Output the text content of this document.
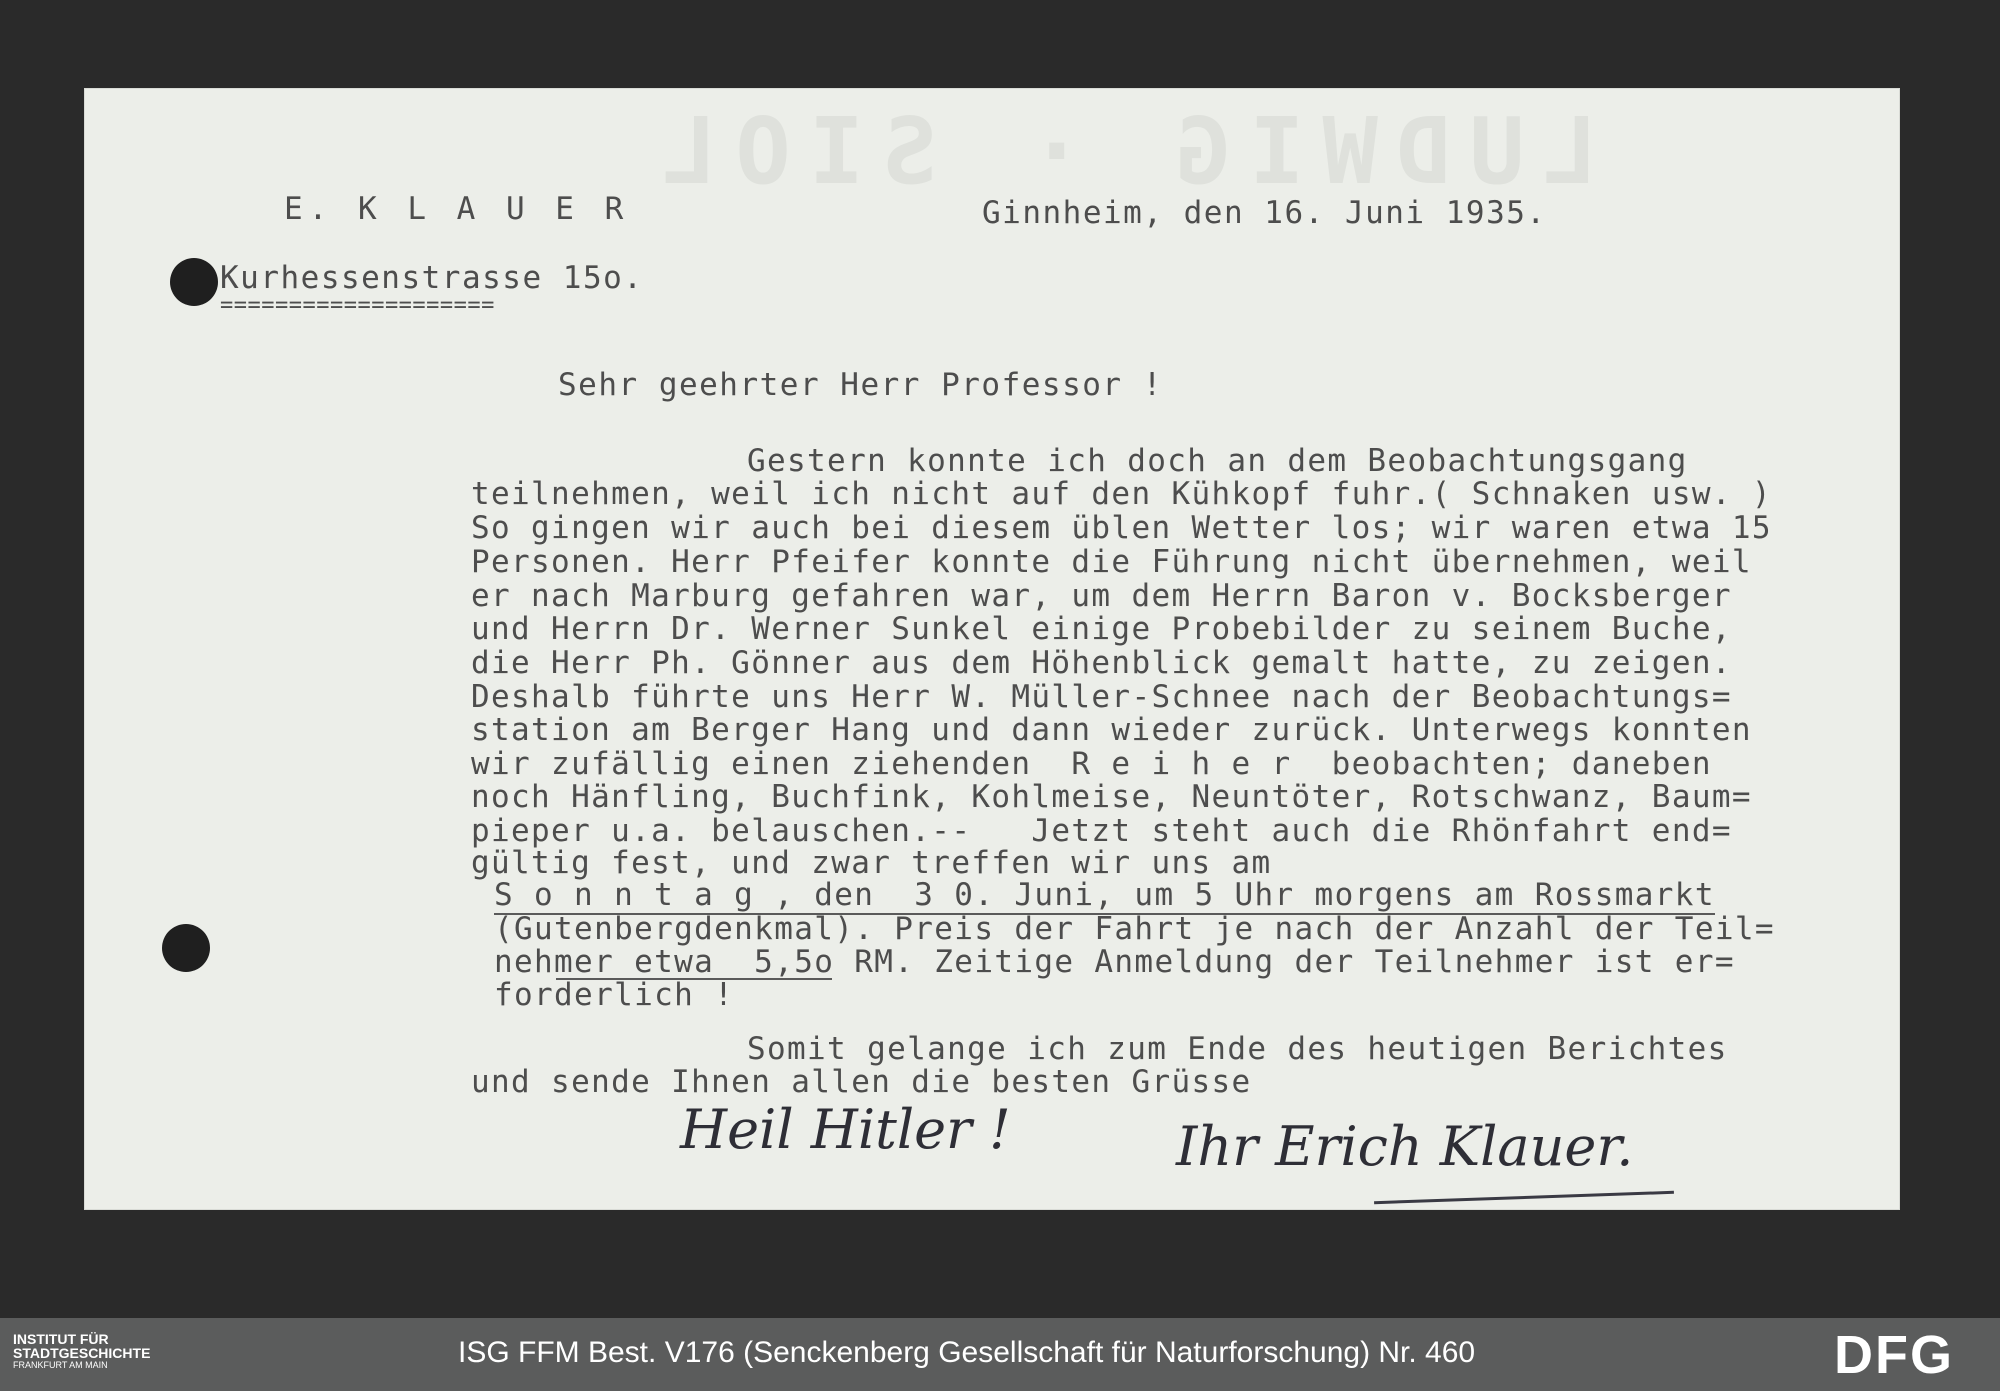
LUDWIG · SIOL
E. K L A U E R	Ginnheim, den 16. Juni 1935.
Kurhessenstrasse 15o.
====================
Sehr geehrter Herr Professor !
Gestern konnte ich doch an dem Beobachtungsgang
teilnehmen, weil ich nicht auf den Kühkopf fuhr.( Schnaken usw. )
So gingen wir auch bei diesem üblen Wetter los; wir waren etwa 15
Personen. Herr Pfeifer konnte die Führung nicht übernehmen, weil
er nach Marburg gefahren war, um dem Herrn Baron v. Bocksberger
und Herrn Dr. Werner Sunkel einige Probebilder zu seinem Buche,
die Herr Ph. Gönner aus dem Höhenblick gemalt hatte, zu zeigen.
Deshalb führte uns Herr W. Müller-Schnee nach der Beobachtungs=
station am Berger Hang und dann wieder zurück. Unterwegs konnten
wir zufällig einen ziehenden  R e i h e r  beobachten; daneben
noch Hänfling, Buchfink, Kohlmeise, Neuntöter, Rotschwanz, Baum=
pieper u.a. belauschen.--   Jetzt steht auch die Rhönfahrt end=
gültig fest, und zwar treffen wir uns am
S o n n t a g , den  3 0. Juni, um 5 Uhr morgens am Rossmarkt
(Gutenbergdenkmal). Preis der Fahrt je nach der Anzahl der Teil=
nehmer etwa  5,5o RM. Zeitige Anmeldung der Teilnehmer ist er=
forderlich !
Somit gelange ich zum Ende des heutigen Berichtes
und sende Ihnen allen die besten Grüsse
Heil Hitler !	Ihr Erich Klauer.
INSTITUT FÜR
STADTGESCHICHTE
FRANKFURT AM MAIN	ISG FFM Best. V176 (Senckenberg Gesellschaft für Naturforschung) Nr. 460	DFG
